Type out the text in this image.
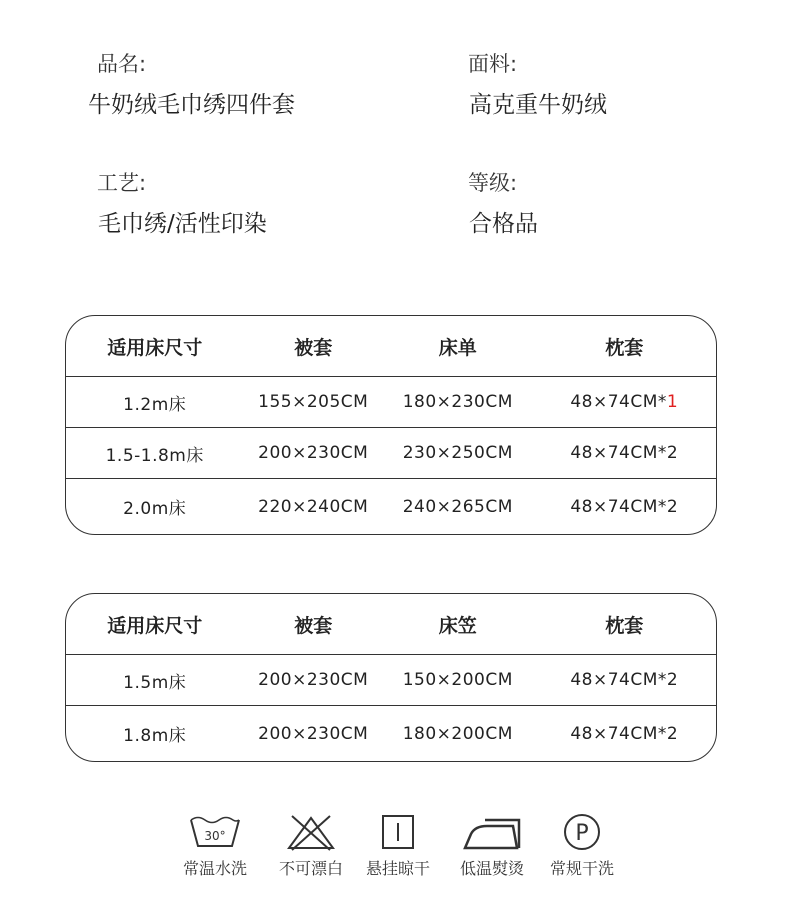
品名:
牛奶绒毛巾绣四件套
面料:
高克重牛奶绒
工艺:
毛巾绣/活性印染
等级:
合格品
适用床尺寸	被套	床单	枕套
1.2m床	155×205CM	180×230CM	48×74CM*1
1.5-1.8m床	200×230CM	230×250CM	48×74CM*2
2.0m床	220×240CM	240×265CM	48×74CM*2
适用床尺寸	被套	床笠	枕套
1.5m床	200×230CM	150×200CM	48×74CM*2
1.8m床	200×230CM	180×200CM	48×74CM*2
30°
常温水洗	不可漂白	悬挂晾干	低温熨烫
P
常规干洗
